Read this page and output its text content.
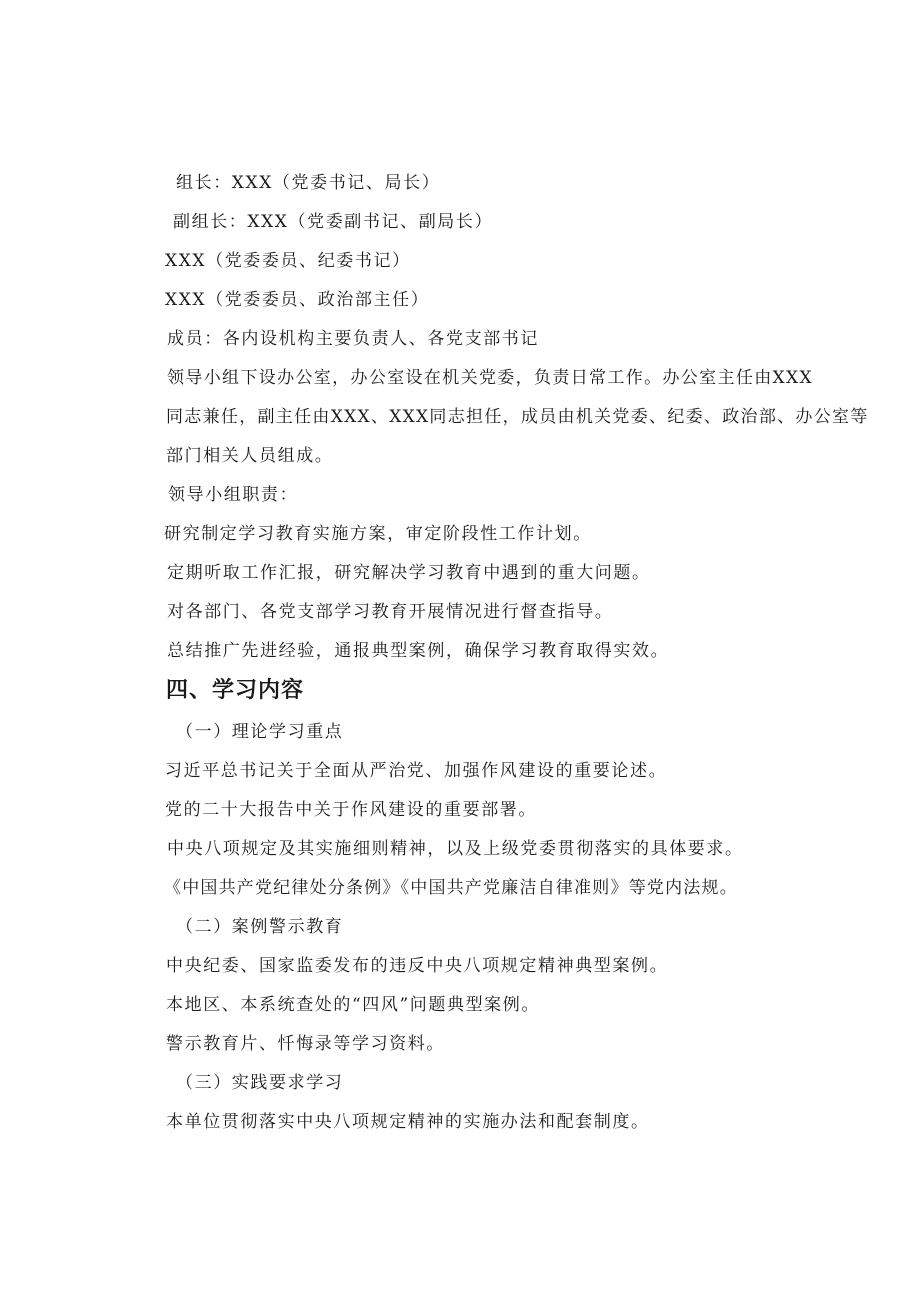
组长：XXX（党委书记、局长）
副组长：XXX（党委副书记、副局长）
XXX（党委委员、纪委书记）
XXX（党委委员、政治部主任）
成员：各内设机构主要负责人、各党支部书记
领导小组下设办公室，办公室设在机关党委，负责日常工作。办公室主任由XXX
同志兼任，副主任由XXX、XXX同志担任，成员由机关党委、纪委、政治部、办公室等
部门相关人员组成。
领导小组职责：
研究制定学习教育实施方案，审定阶段性工作计划。
定期听取工作汇报，研究解决学习教育中遇到的重大问题。
对各部门、各党支部学习教育开展情况进行督查指导。
总结推广先进经验，通报典型案例，确保学习教育取得实效。
四、学习内容
（一）理论学习重点
习近平总书记关于全面从严治党、加强作风建设的重要论述。
党的二十大报告中关于作风建设的重要部署。
中央八项规定及其实施细则精神，以及上级党委贯彻落实的具体要求。
《中国共产党纪律处分条例》《中国共产党廉洁自律准则》等党内法规。
（二）案例警示教育
中央纪委、国家监委发布的违反中央八项规定精神典型案例。
本地区、本系统查处的“四风”问题典型案例。
警示教育片、忏悔录等学习资料。
（三）实践要求学习
本单位贯彻落实中央八项规定精神的实施办法和配套制度。
